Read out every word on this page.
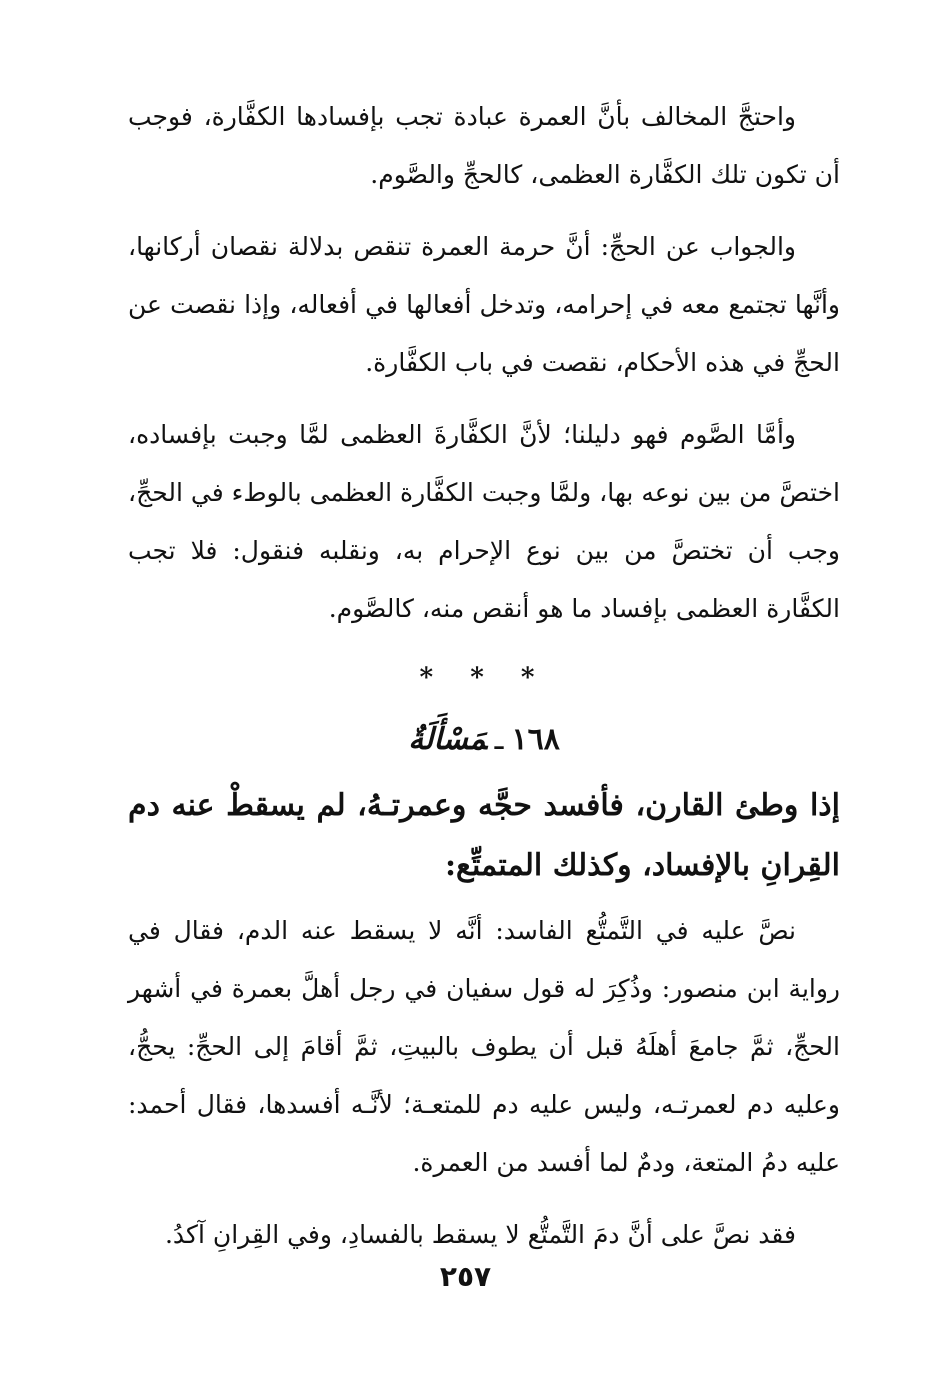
واحتجَّ المخالف بأنَّ العمرة عبادة تجب بإفسادها الكفَّارة، فوجب أن تكون تلك الكفَّارة العظمى، كالحجِّ والصَّوم.

والجواب عن الحجِّ: أنَّ حرمة العمرة تنقص بدلالة نقصان أركانها، وأنَّها تجتمع معه في إحرامه، وتدخل أفعالها في أفعاله، وإذا نقصت عن الحجِّ في هذه الأحكام، نقصت في باب الكفَّارة.

وأمَّا الصَّوم فهو دليلنا؛ لأنَّ الكفَّارةَ العظمى لمَّا وجبت بإفساده، اختصَّ من بين نوعه بها، ولمَّا وجبت الكفَّارة العظمى بالوطء في الحجِّ، وجب أن تختصَّ من بين نوع الإحرام به، ونقلبه فنقول: فلا تجب الكفَّارة العظمى بإفساد ما هو أنقص منه، كالصَّوم.

* * *
١٦٨ـمَسْأَلَةٌ

إذا وطئ القارن، فأفسد حجَّه وعمرتـهُ، لم يسقطْ عنه دم القِرانِ بالإفساد، وكذلك المتمتِّع:

نصَّ عليه في التَّمتُّع الفاسد: أنَّه لا يسقط عنه الدم، فقال في رواية ابن منصور: وذُكِرَ له قول سفيان في رجل أهلَّ بعمرة في أشهر الحجِّ، ثمَّ جامعَ أهلَهُ قبل أن يطوف بالبيتِ، ثمَّ أقامَ إلى الحجِّ: يحجُّ، وعليه دم لعمرتـه، وليس عليه دم للمتعـة؛ لأنَّـه أفسدها، فقال أحمد: عليه دمُ المتعة، ودمٌ لما أفسد من العمرة.

فقد نصَّ على أنَّ دمَ التَّمتُّع لا يسقط بالفسادِ، وفي القِرانِ آكدُ.

٢٥٧
